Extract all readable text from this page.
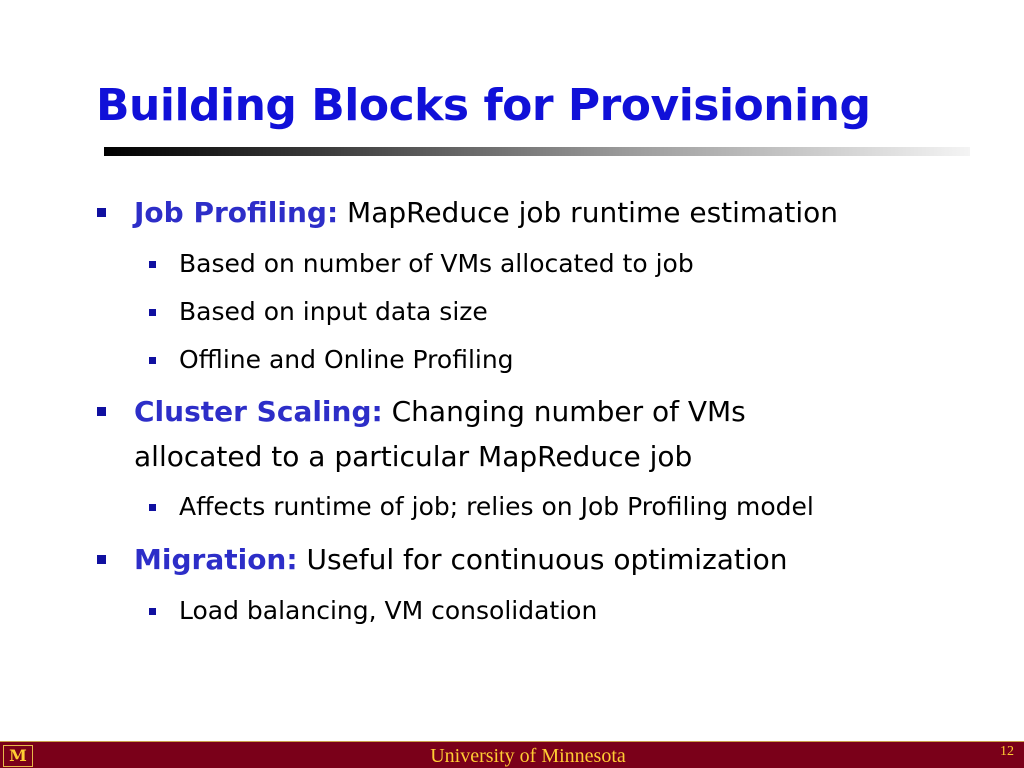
Building Blocks for Provisioning
Job Profiling: MapReduce job runtime estimation
Based on number of VMs allocated to job
Based on input data size
Offline and Online Profiling
Cluster Scaling: Changing number of VMs
allocated to a particular MapReduce job
Affects runtime of job; relies on Job Profiling model
Migration: Useful for continuous optimization
Load balancing, VM consolidation
M	University of Minnesota	12
